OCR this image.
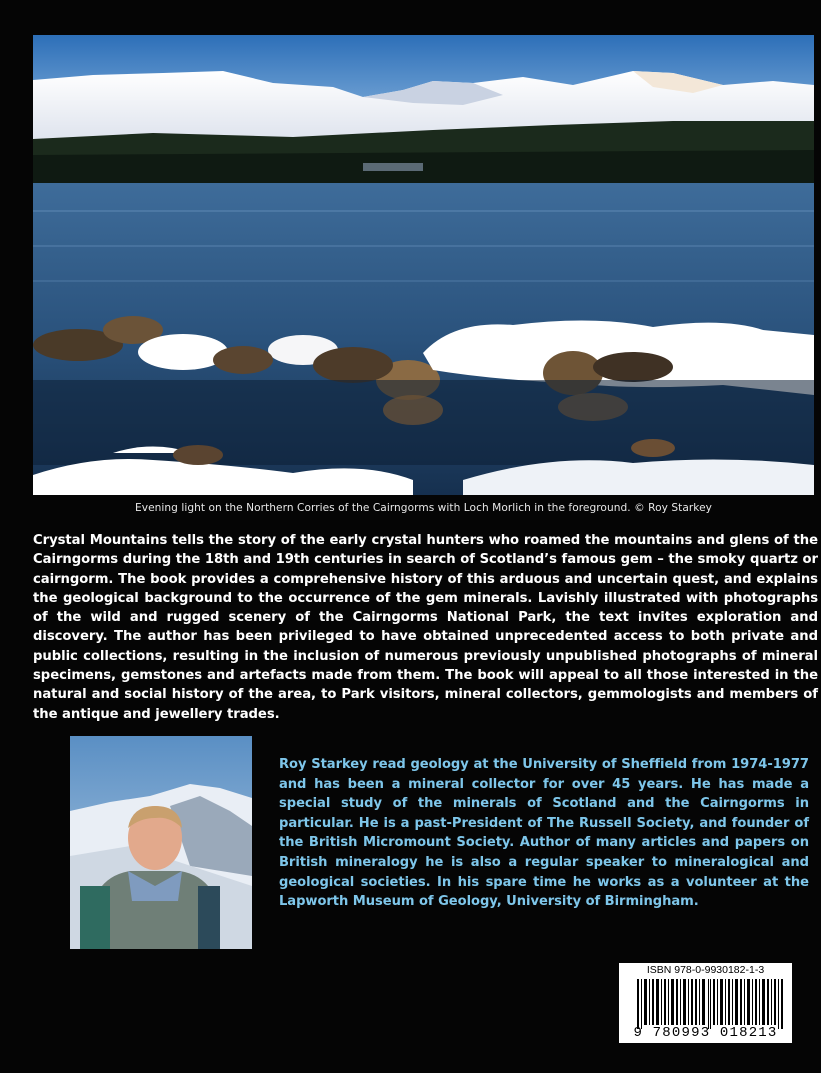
Evening light on the Northern Corries of the Cairngorms with Loch Morlich in the foreground. © Roy Starkey

Crystal Mountains tells the story of the early crystal hunters who roamed the mountains and glens of the Cairngorms during the 18th and 19th centuries in search of Scotland’s famous gem – the smoky quartz or cairngorm. The book provides a comprehensive history of this arduous and uncertain quest, and explains the geological background to the occurrence of the gem minerals. Lavishly illustrated with photographs of the wild and rugged scenery of the Cairngorms National Park, the text invites exploration and discovery. The author has been privileged to have obtained unprecedented access to both private and public collections, resulting in the inclusion of numerous previously unpublished photographs of mineral specimens, gemstones and artefacts made from them. The book will appeal to all those interested in the natural and social history of the area, to Park visitors, mineral collectors, gemmologists and members of the antique and jewellery trades.

Roy Starkey read geology at the University of Sheffield from 1974-1977 and has been a mineral collector for over 45 years. He has made a special study of the minerals of Scotland and the Cairngorms in particular. He is a past-President of The Russell Society, and founder of the British Micromount Society. Author of many articles and papers on British mineralogy he is also a regular speaker to mineralogical and geological societies. In his spare time he works as a volunteer at the Lapworth Museum of Geology, University of Birmingham.

ISBN 978-0-9930182-1-3
9 780993 018213
